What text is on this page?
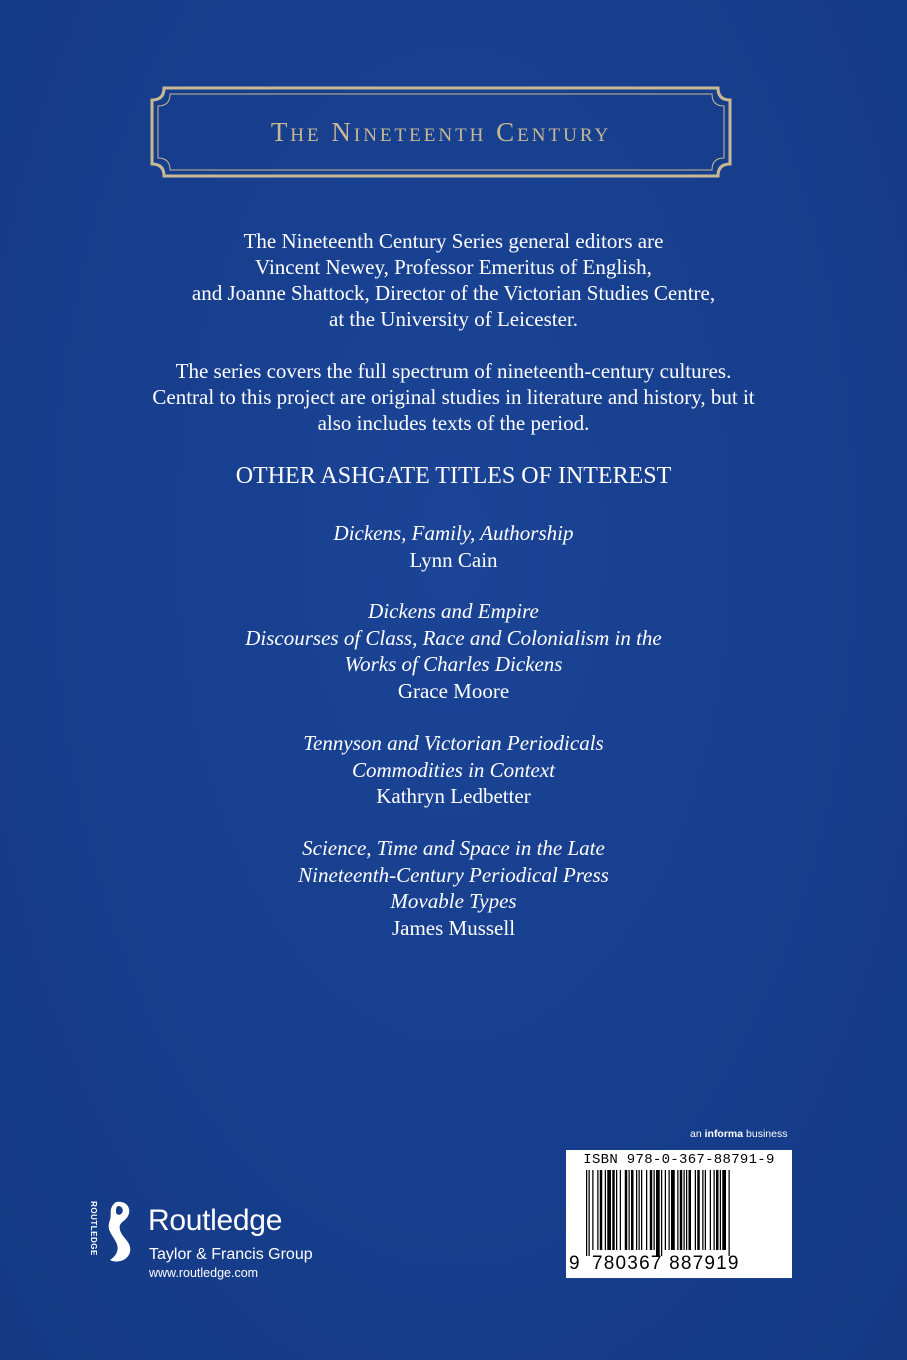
The Nineteenth Century
The Nineteenth Century Series general editors are
Vincent Newey, Professor Emeritus of English,
and Joanne Shattock, Director of the Victorian Studies Centre,
at the University of Leicester.
The series covers the full spectrum of nineteenth-century cultures.
Central to this project are original studies in literature and history, but it
also includes texts of the period.
OTHER ASHGATE TITLES OF INTEREST
Dickens, Family, Authorship
Lynn Cain
Dickens and Empire
Discourses of Class, Race and Colonialism in the
Works of Charles Dickens
Grace Moore
Tennyson and Victorian Periodicals
Commodities in Context
Kathryn Ledbetter
Science, Time and Space in the Late
Nineteenth-Century Periodical Press
Movable Types
James Mussell
an informa business
ISBN 978-0-367-88791-9
9 780367 887919
ROUTLEDGE Routledge
Taylor & Francis Group
www.routledge.com
